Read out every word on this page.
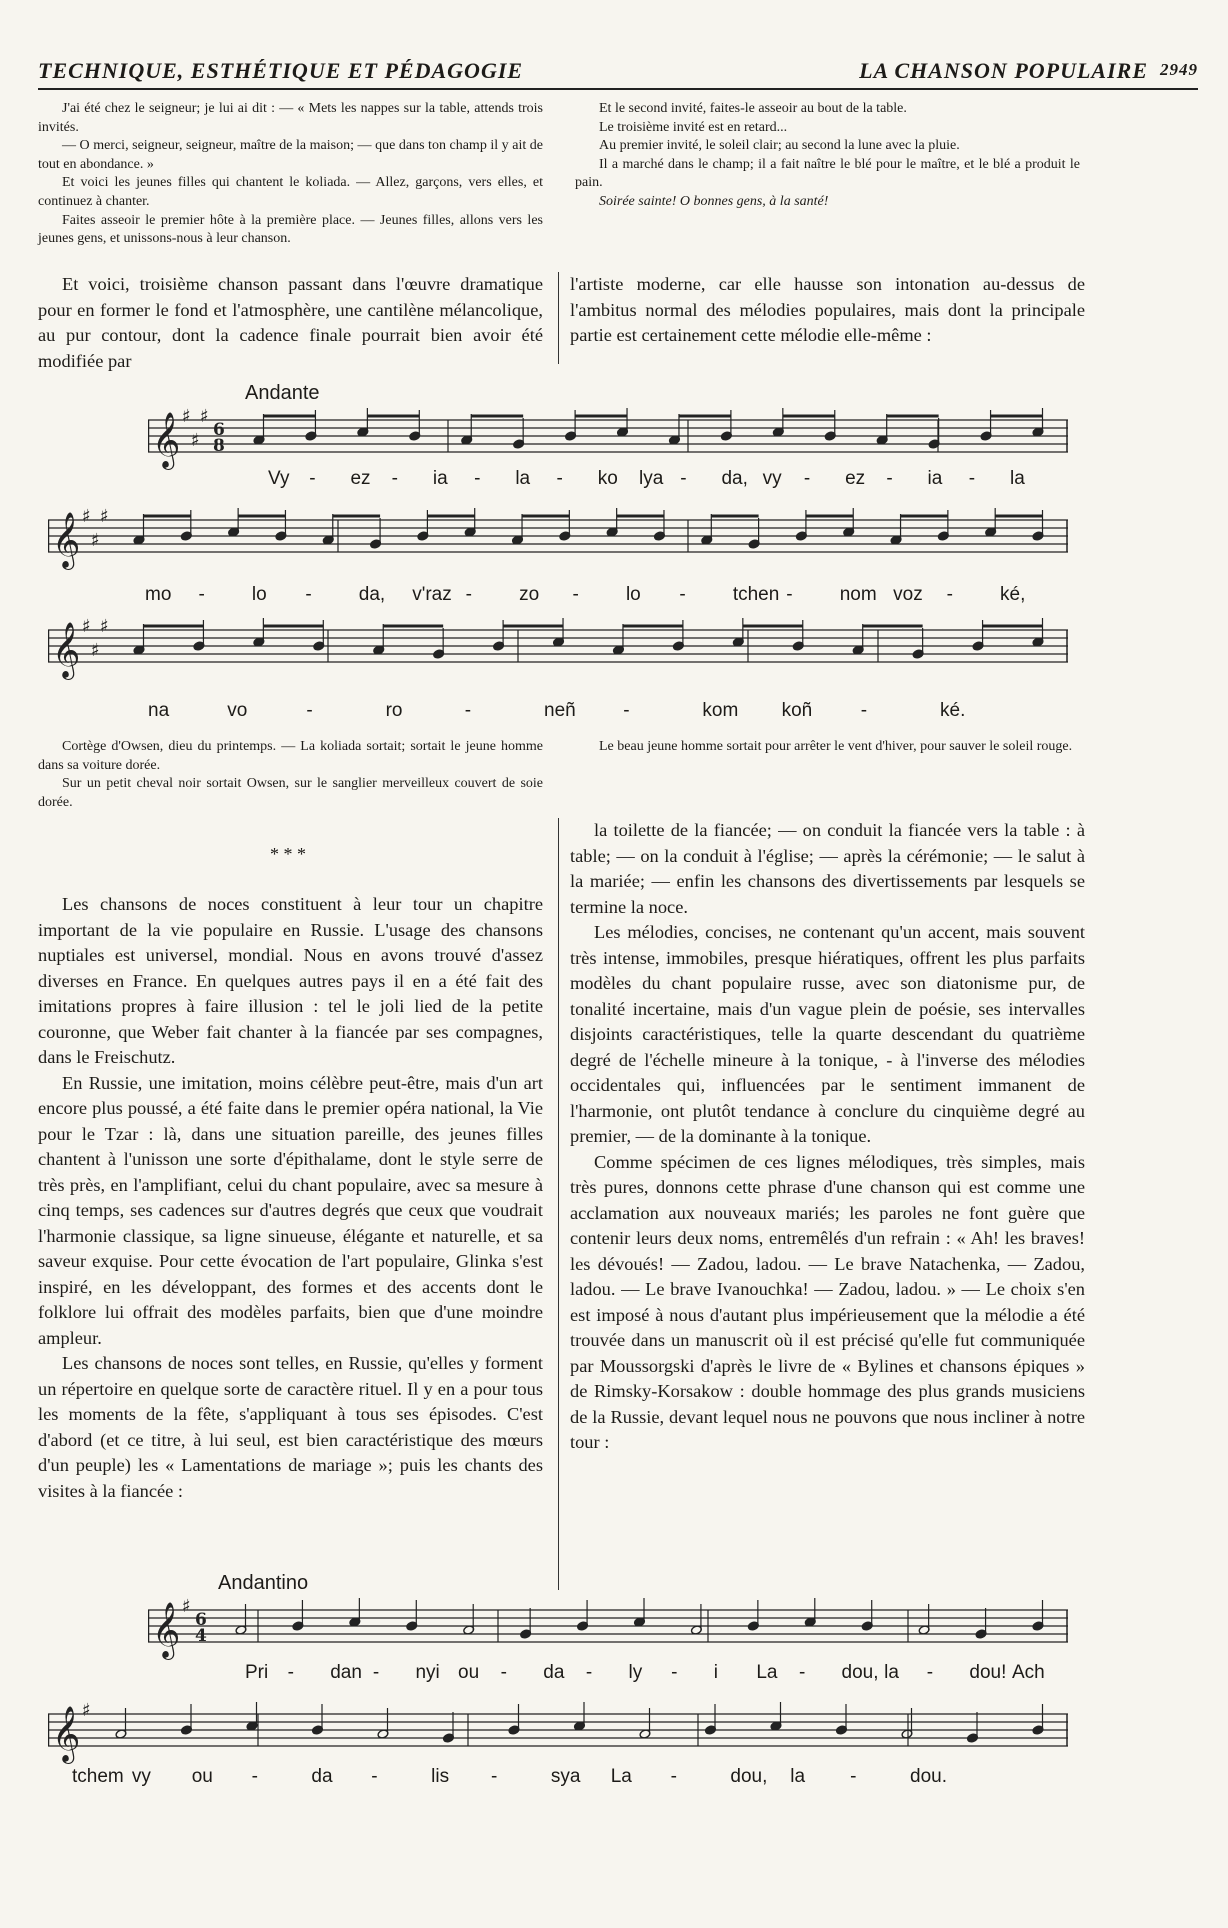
TECHNIQUE, ESTHÉTIQUE ET PÉDAGOGIE	LA CHANSON POPULAIRE 2949

J'ai été chez le seigneur; je lui ai dit : — « Mets les nappes sur la table, attends trois invités.

— O merci, seigneur, seigneur, maître de la maison; — que dans ton champ il y ait de tout en abondance. »

Et voici les jeunes filles qui chantent le koliada. — Allez, garçons, vers elles, et continuez à chanter.

Faites asseoir le premier hôte à la première place. — Jeunes filles, allons vers les jeunes gens, et unissons-nous à leur chanson.

Et le second invité, faites-le asseoir au bout de la table.

Le troisième invité est en retard...

Au premier invité, le soleil clair; au second la lune avec la pluie.

Il a marché dans le champ; il a fait naître le blé pour le maître, et le blé a produit le pain.

Soirée sainte! O bonnes gens, à la santé!

Et voici, troisième chanson passant dans l'œuvre dramatique pour en former le fond et l'atmosphère, une cantilène mélancolique, au pur contour, dont la cadence finale pourrait bien avoir été modifiée par

l'artiste moderne, car elle hausse son intonation au-dessus de l'ambitus normal des mélodies populaires, mais dont la principale partie est certainement cette mélodie elle-même :

Andante
𝄞 ♯
♯
♯
6
8
𝄞 ♯
♯
♯
𝄞 ♯
♯
♯
Vy - ez - ia - la - ko lya - da, vy - ez - ia - la
mo - lo - da, v'raz - zo - lo - tchen - nom voz - ké,
na	vo	-	ro	-	neñ -	kom koñ	-	ké.

Cortège d'Owsen, dieu du printemps. — La koliada sortait; sortait le jeune homme dans sa voiture dorée.

Sur un petit cheval noir sortait Owsen, sur le sanglier merveilleux couvert de soie dorée.

Le beau jeune homme sortait pour arrêter le vent d'hiver, pour sauver le soleil rouge.

* * *

Les chansons de noces constituent à leur tour un chapitre important de la vie populaire en Russie. L'usage des chansons nuptiales est universel, mondial. Nous en avons trouvé d'assez diverses en France. En quelques autres pays il en a été fait des imitations propres à faire illusion : tel le joli lied de la petite couronne, que Weber fait chanter à la fiancée par ses compagnes, dans le Freischutz.

En Russie, une imitation, moins célèbre peut-être, mais d'un art encore plus poussé, a été faite dans le premier opéra national, la Vie pour le Tzar : là, dans une situation pareille, des jeunes filles chantent à l'unisson une sorte d'épithalame, dont le style serre de très près, en l'amplifiant, celui du chant populaire, avec sa mesure à cinq temps, ses cadences sur d'autres degrés que ceux que voudrait l'harmonie classique, sa ligne sinueuse, élégante et naturelle, et sa saveur exquise. Pour cette évocation de l'art populaire, Glinka s'est inspiré, en les développant, des formes et des accents dont le folklore lui offrait des modèles parfaits, bien que d'une moindre ampleur.

Les chansons de noces sont telles, en Russie, qu'elles y forment un répertoire en quelque sorte de caractère rituel. Il y en a pour tous les moments de la fête, s'appliquant à tous ses épisodes. C'est d'abord (et ce titre, à lui seul, est bien caractéristique des mœurs d'un peuple) les « Lamentations de mariage »; puis les chants des visites à la fiancée :

la toilette de la fiancée; — on conduit la fiancée vers la table : à table; — on la conduit à l'église; — après la cérémonie; — le salut à la mariée; — enfin les chansons des divertissements par lesquels se termine la noce.

Les mélodies, concises, ne contenant qu'un accent, mais souvent très intense, immobiles, presque hiératiques, offrent les plus parfaits modèles du chant populaire russe, avec son diatonisme pur, de tonalité incertaine, mais d'un vague plein de poésie, ses intervalles disjoints caractéristiques, telle la quarte descendant du quatrième degré de l'échelle mineure à la tonique, - à l'inverse des mélodies occidentales qui, influencées par le sentiment immanent de l'harmonie, ont plutôt tendance à conclure du cinquième degré au premier, — de la dominante à la tonique.

Comme spécimen de ces lignes mélodiques, très simples, mais très pures, donnons cette phrase d'une chanson qui est comme une acclamation aux nouveaux mariés; les paroles ne font guère que contenir leurs deux noms, entremêlés d'un refrain : « Ah! les braves! les dévoués! — Zadou, ladou. — Le brave Natachenka, — Zadou, ladou. — Le brave Ivanouchka! — Zadou, ladou. » — Le choix s'en est imposé à nous d'autant plus impérieusement que la mélodie a été trouvée dans un manuscrit où il est précisé qu'elle fut communiquée par Moussorgski d'après le livre de « Bylines et chansons épiques » de Rimsky-Korsakow : double hommage des plus grands musiciens de la Russie, devant lequel nous ne pouvons que nous incliner à notre tour :

Andantino
𝄞 ♯
6
4
𝄞 ♯
Pri - dan - nyi ou - da - ly - i La - dou, la - dou! Ach
tchem vy ou -	da -	lis -	sya La -	dou, la -	dou.
